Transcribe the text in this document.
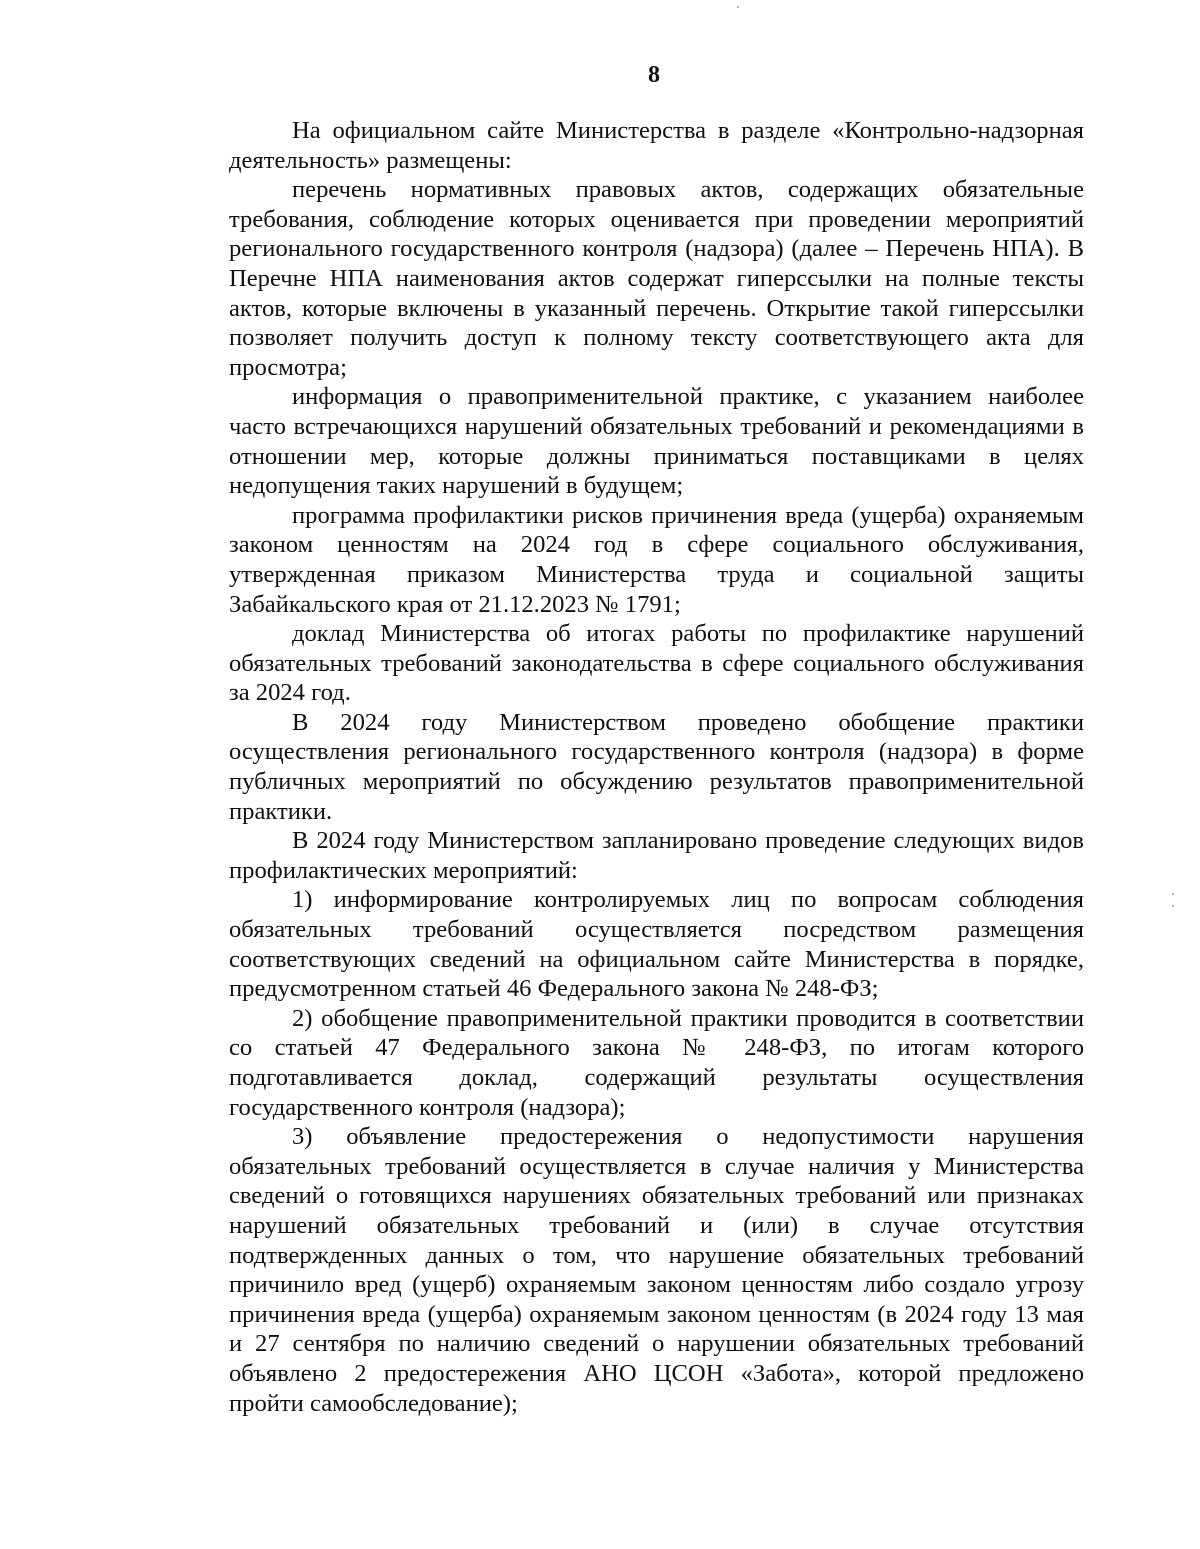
8

На официальном сайте Министерства в разделе «Контрольно-надзорная деятельность» размещены:

перечень нормативных правовых актов, содержащих обязательные требования, соблюдение которых оценивается при проведении мероприятий регионального государственного контроля (надзора) (далее – Перечень НПА). В Перечне НПА наименования актов содержат гиперссылки на полные тексты актов, которые включены в указанный перечень. Открытие такой гиперссылки позволяет получить доступ к полному тексту соответствующего акта для просмотра;

информация о правоприменительной практике, с указанием наиболее часто встречающихся нарушений обязательных требований и рекомендациями в отношении мер, которые должны приниматься поставщиками в целях недопущения таких нарушений в будущем;

программа профилактики рисков причинения вреда (ущерба) охраняемым законом ценностям на 2024 год в сфере социального обслуживания, утвержденная приказом Министерства труда и социальной защиты Забайкальского края от 21.12.2023 № 1791;

доклад Министерства об итогах работы по профилактике нарушений обязательных требований законодательства в сфере социального обслуживания за 2024 год.

В 2024 году Министерством проведено обобщение практики осуществления регионального государственного контроля (надзора) в форме публичных мероприятий по обсуждению результатов правоприменительной практики.

В 2024 году Министерством запланировано проведение следующих видов профилактических мероприятий:

1) информирование контролируемых лиц по вопросам соблюдения обязательных требований осуществляется посредством размещения соответствующих сведений на официальном сайте Министерства в порядке, предусмотренном статьей 46 Федерального закона № 248-ФЗ;

2) обобщение правоприменительной практики проводится в соответствии со статьей 47 Федерального закона № 248-ФЗ, по итогам которого подготавливается доклад, содержащий результаты осуществления государственного контроля (надзора);

3) объявление предостережения о недопустимости нарушения обязательных требований осуществляется в случае наличия у Министерства сведений о готовящихся нарушениях обязательных требований или признаках нарушений обязательных требований и (или) в случае отсутствия подтвержденных данных о том, что нарушение обязательных требований причинило вред (ущерб) охраняемым законом ценностям либо создало угрозу причинения вреда (ущерба) охраняемым законом ценностям (в 2024 году 13 мая и 27 сентября по наличию сведений о нарушении обязательных требований объявлено 2 предостережения АНО ЦСОН «Забота», которой предложено пройти самообследование);
